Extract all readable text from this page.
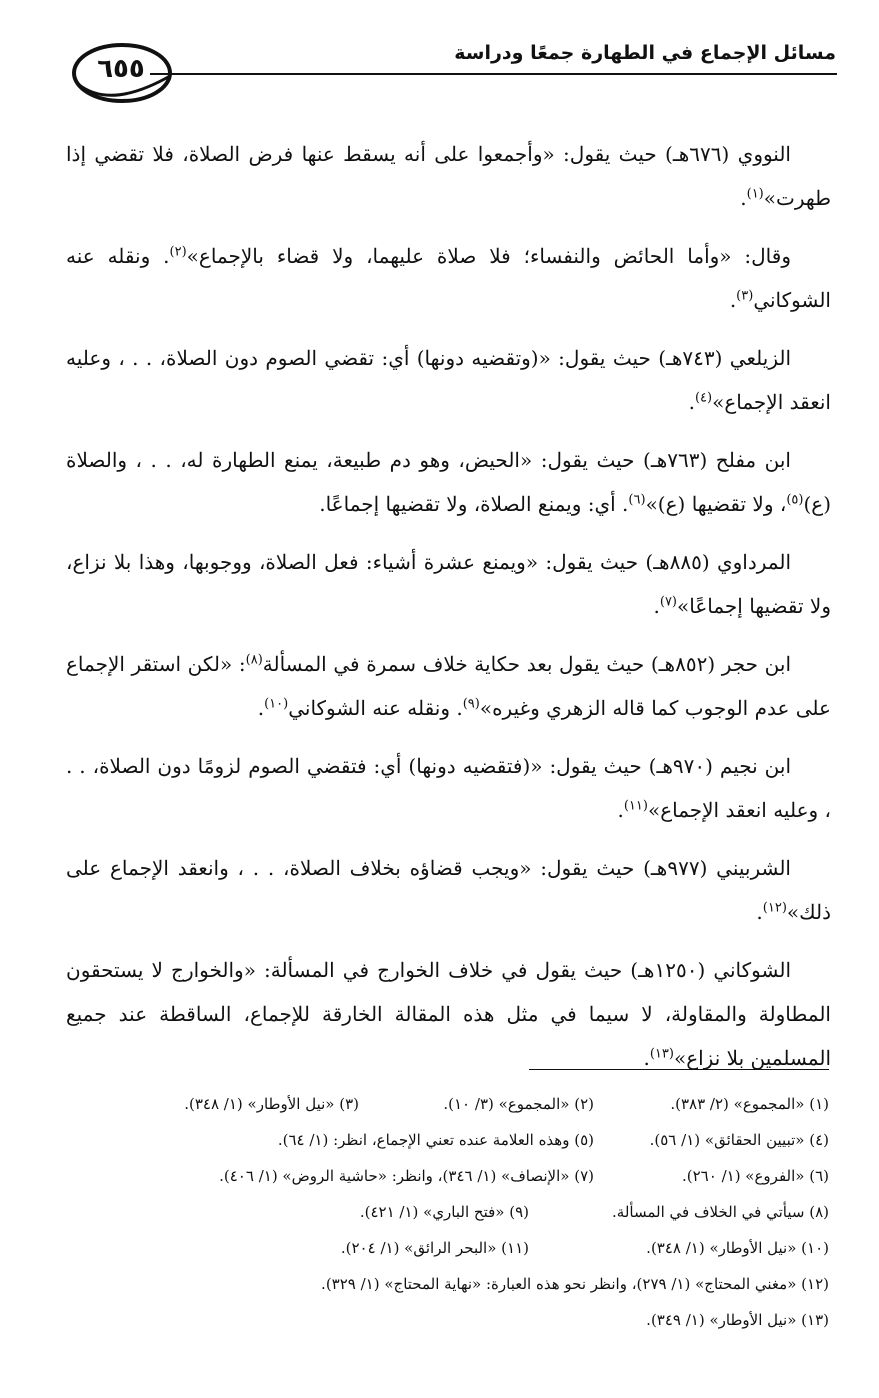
مسائل الإجماع في الطهارة جمعًا ودراسة
٦٥٥

النووي (٦٧٦هـ) حيث يقول: «وأجمعوا على أنه يسقط عنها فرض الصلاة، فلا تقضي إذا طهرت»$^{(١)}$.

وقال: «وأما الحائض والنفساء؛ فلا صلاة عليهما، ولا قضاء بالإجماع»$^{(٢)}$. ونقله عنه الشوكاني$^{(٣)}$.

الزيلعي (٧٤٣هـ) حيث يقول: «(وتقضيه دونها) أي: تقضي الصوم دون الصلاة، . . ، وعليه انعقد الإجماع»$^{(٤)}$.

ابن مفلح (٧٦٣هـ) حيث يقول: «الحيض، وهو دم طبيعة، يمنع الطهارة له، . . ، والصلاة (ع)$^{(٥)}$، ولا تقضيها (ع)»$^{(٦)}$. أي: ويمنع الصلاة، ولا تقضيها إجماعًا.

المرداوي (٨٨٥هـ) حيث يقول: «ويمنع عشرة أشياء: فعل الصلاة، ووجوبها، وهذا بلا نزاع، ولا تقضيها إجماعًا»$^{(٧)}$.

ابن حجر (٨٥٢هـ) حيث يقول بعد حكاية خلاف سمرة في المسألة$^{(٨)}$: «لكن استقر الإجماع على عدم الوجوب كما قاله الزهري وغيره»$^{(٩)}$. ونقله عنه الشوكاني$^{(١٠)}$.

ابن نجيم (٩٧٠هـ) حيث يقول: «(فتقضيه دونها) أي: فتقضي الصوم لزومًا دون الصلاة، . . ، وعليه انعقد الإجماع»$^{(١١)}$.

الشربيني (٩٧٧هـ) حيث يقول: «ويجب قضاؤه بخلاف الصلاة، . . ، وانعقد الإجماع على ذلك»$^{(١٢)}$.

الشوكاني (١٢٥٠هـ) حيث يقول في خلاف الخوارج في المسألة: «والخوارج لا يستحقون المطاولة والمقاولة، لا سيما في مثل هذه المقالة الخارقة للإجماع، الساقطة عند جميع المسلمين بلا نزاع»$^{(١٣)}$.

(١) «المجموع» (٢/ ٣٨٣).
(٢) «المجموع» (٣/ ١٠).
(٣) «نيل الأوطار» (١/ ٣٤٨).
(٤) «تبيين الحقائق» (١/ ٥٦).
(٥) وهذه العلامة عنده تعني الإجماع، انظر: (١/ ٦٤).
(٦) «الفروع» (١/ ٢٦٠).
(٧) «الإنصاف» (١/ ٣٤٦)، وانظر: «حاشية الروض» (١/ ٤٠٦).
(٨) سيأتي في الخلاف في المسألة.
(٩) «فتح الباري» (١/ ٤٢١).
(١٠) «نيل الأوطار» (١/ ٣٤٨).
(١١) «البحر الرائق» (١/ ٢٠٤).
(١٢) «مغني المحتاج» (١/ ٢٧٩)، وانظر نحو هذه العبارة: «نهاية المحتاج» (١/ ٣٢٩).
(١٣) «نيل الأوطار» (١/ ٣٤٩).
